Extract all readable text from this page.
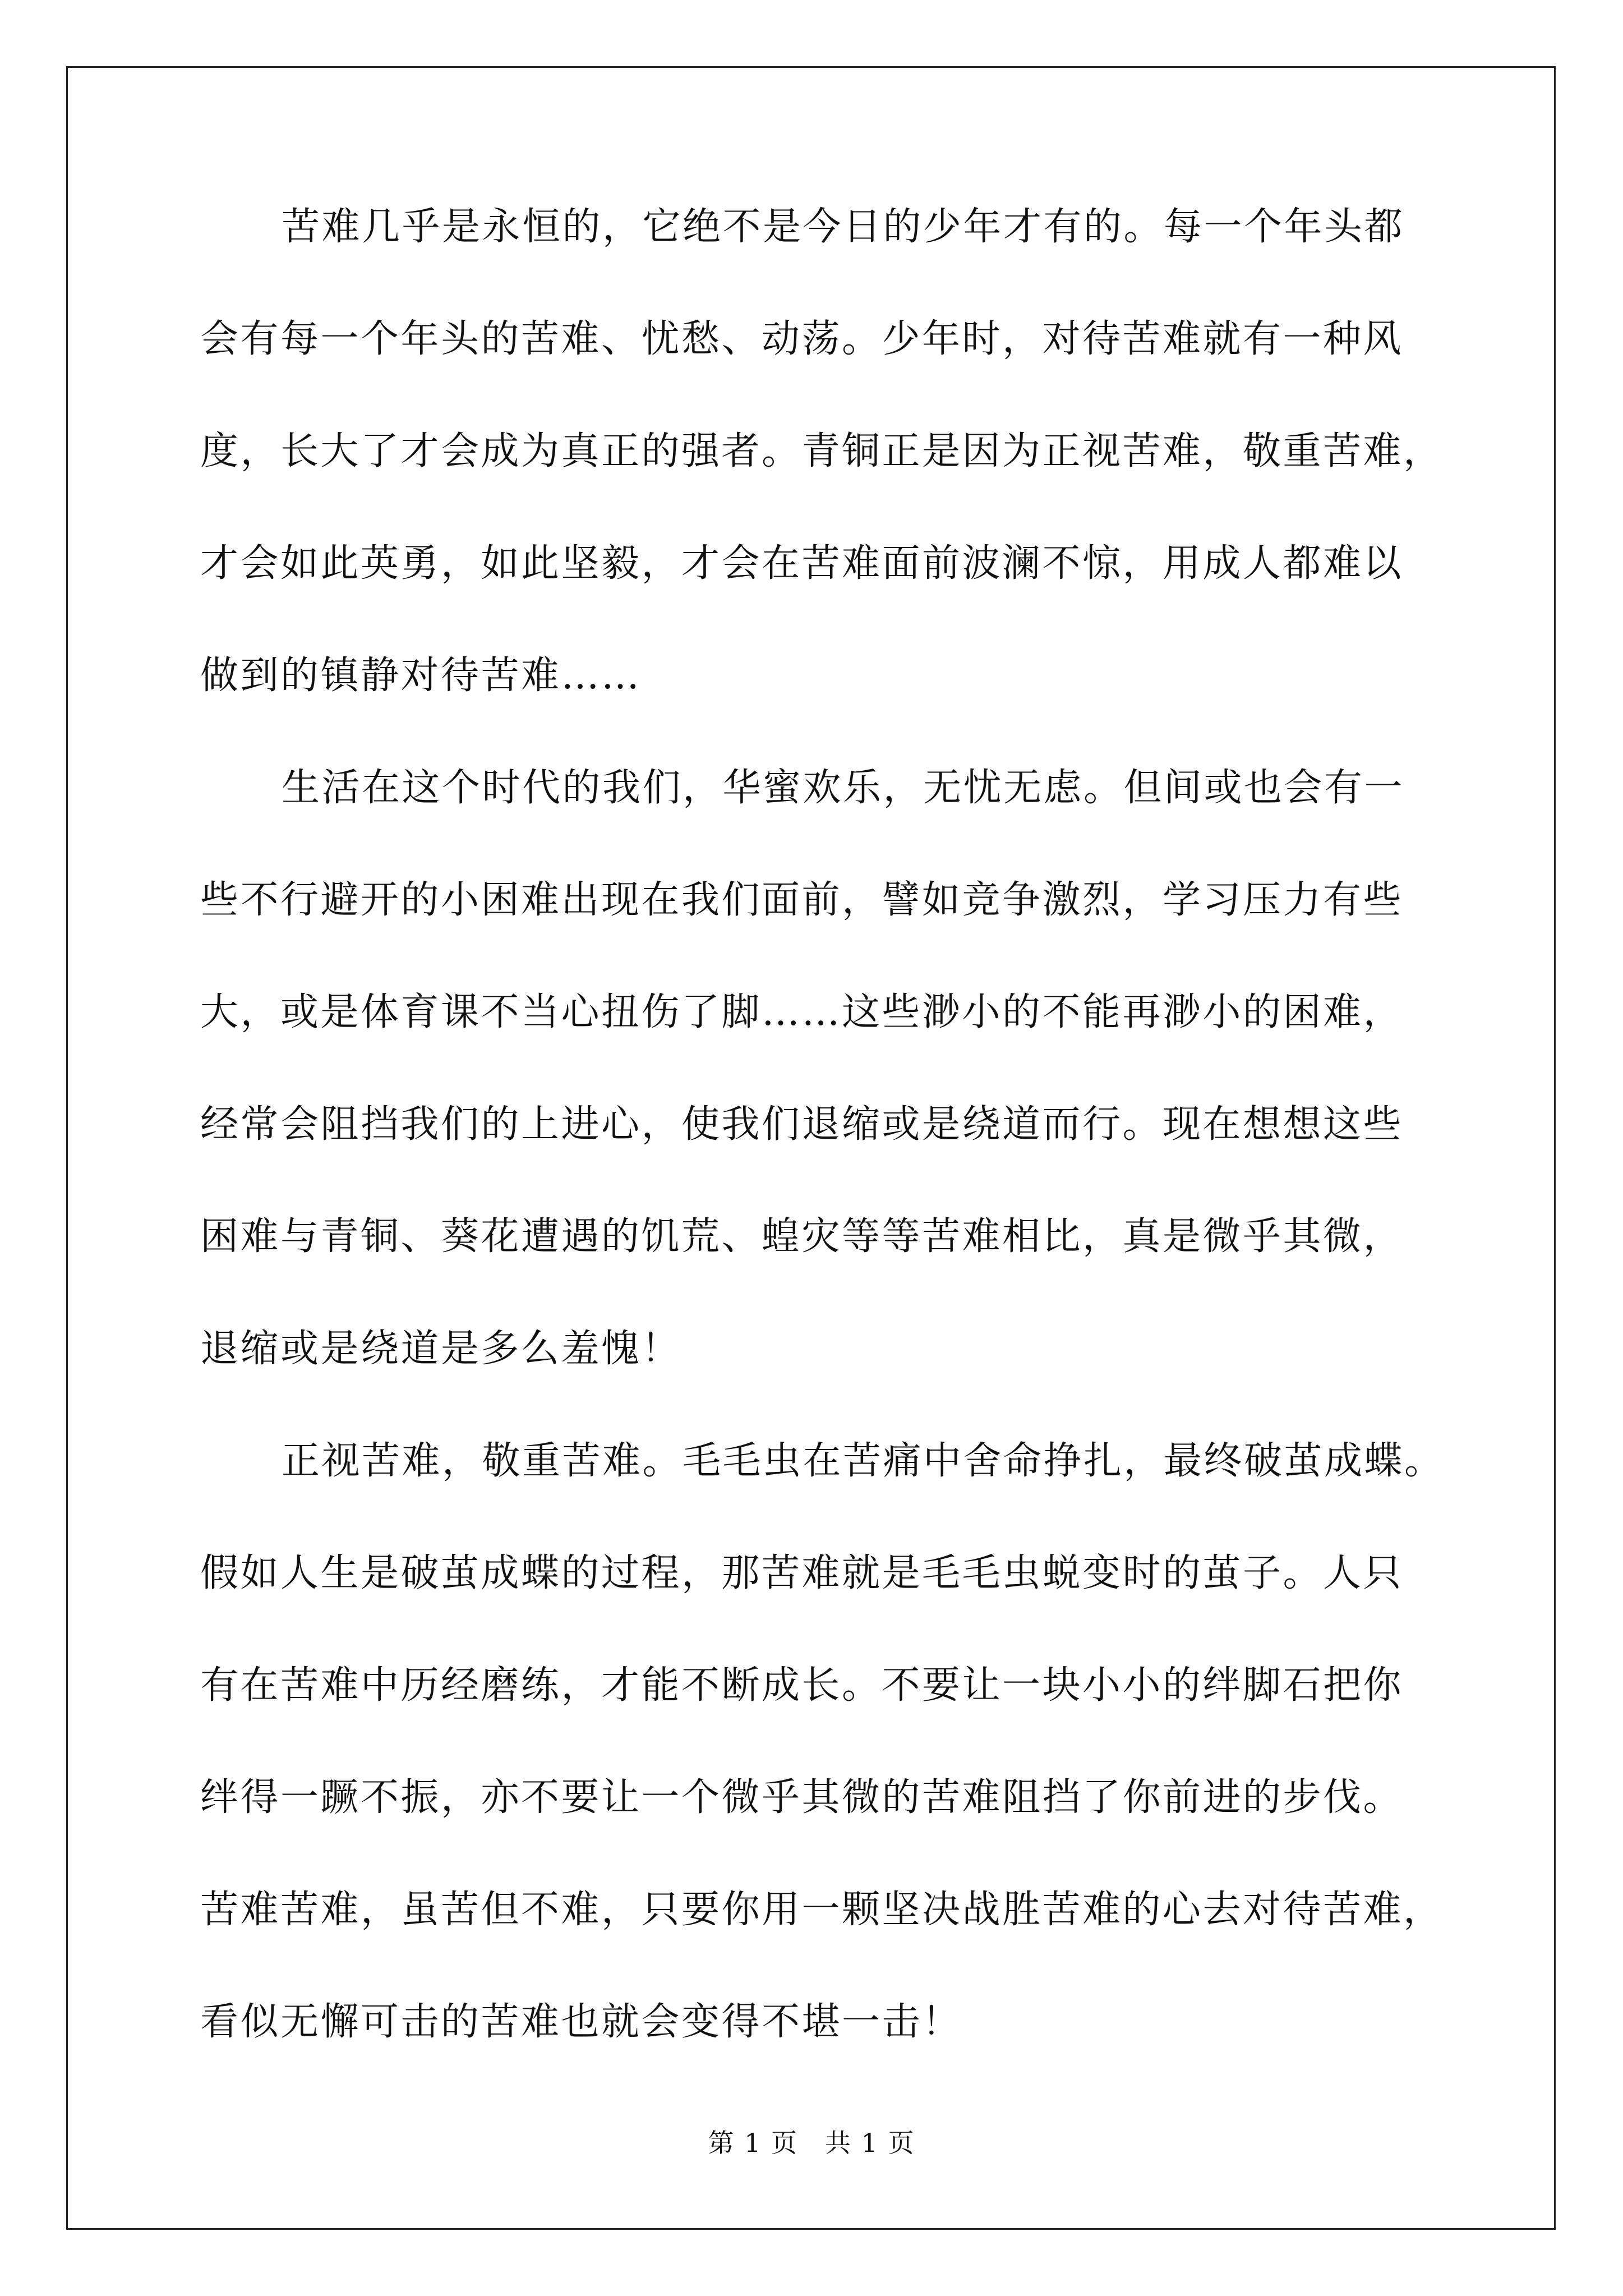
苦难几乎是永恒的，它绝不是今日的少年才有的。每一个年头都
会有每一个年头的苦难、忧愁、动荡。少年时，对待苦难就有一种风
度，长大了才会成为真正的强者。青铜正是因为正视苦难，敬重苦难，
才会如此英勇，如此坚毅，才会在苦难面前波澜不惊，用成人都难以
做到的镇静对待苦难……
生活在这个时代的我们，华蜜欢乐，无忧无虑。但间或也会有一
些不行避开的小困难出现在我们面前，譬如竞争激烈，学习压力有些
大，或是体育课不当心扭伤了脚……这些渺小的不能再渺小的困难，
经常会阻挡我们的上进心，使我们退缩或是绕道而行。现在想想这些
困难与青铜、葵花遭遇的饥荒、蝗灾等等苦难相比，真是微乎其微，
退缩或是绕道是多么羞愧！
正视苦难，敬重苦难。毛毛虫在苦痛中舍命挣扎，最终破茧成蝶。
假如人生是破茧成蝶的过程，那苦难就是毛毛虫蜕变时的茧子。人只
有在苦难中历经磨练，才能不断成长。不要让一块小小的绊脚石把你
绊得一蹶不振，亦不要让一个微乎其微的苦难阻挡了你前进的步伐。
苦难苦难，虽苦但不难，只要你用一颗坚决战胜苦难的心去对待苦难，
看似无懈可击的苦难也就会变得不堪一击！
第 1 页　共 1 页
